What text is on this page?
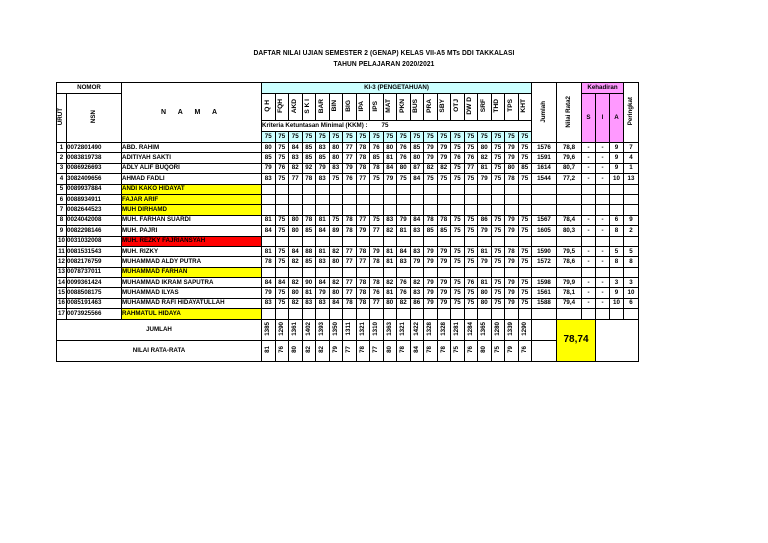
DAFTAR NILAI UJIAN SEMESTER 2 (GENAP) KELAS VII-A5 MTs DDI TAKKALASI
TAHUN PELAJARAN 2020/2021
NOMOR		N A M A	KI-3 (PENGETAHUAN)																				Jumlah	Nilai Rata2	Kehadiran			Peringkat
URUT	NSN		Q H	FQH	AKD	S K I	BAR	BIN	BIG	IPA	IPS	MAT	PKN	BUS	PRA	SBY	OTJ	DW D	SRF	THD	TPS	KHT			S	I	A	
			Kriteria Ketuntasan Minimal (KKM) : 75																									
			75	75	75	75	75	75	75	75	75	75	75	75	75	75	75	75	75	75	75	75						
1	0072801490	ABD. RAHIM	80	75	84	85	83	80	77	78	76	80	76	85	79	79	75	75	80	75	79	75	1576	78,8	-	-	9	7
2	0083819738	ADITIYAH SAKTI	85	75	83	85	85	80	77	78	85	81	76	80	79	79	76	76	82	75	79	75	1591	79,6	-	-	9	4
3	0086926693	ADLY ALIF BUQORI	79	76	82	92	79	83	79	78	78	84	80	87	82	82	75	77	81	75	80	85	1614	80,7	-	-	9	1
4	3082409656	AHMAD FADLI	83	75	77	78	83	75	76	77	75	79	75	84	75	75	75	75	79	75	78	75	1544	77,2	-	-	10	13
5	0089937884	ANDI KAKO HIDAYAT																										
6	0088934911	FAJAR ARIF																										
7	0082644523	MUH DIRHAMD																										
8	0024042008	MUH. FARHAN SUARDI	81	75	80	78	81	75	78	77	75	83	79	84	78	78	75	75	86	75	79	75	1567	78,4	-	-	6	9
9	0082298146	MUH. PAJRI	84	75	80	85	84	89	78	79	77	82	81	83	85	85	75	75	79	75	79	75	1605	80,3	-	-	8	2
10	0031032008	MUH. REZKY FAJRIANSYAH																										
11	0081531543	MUH. RIZKY	81	75	84	88	81	82	77	78	79	81	84	83	79	79	75	75	81	75	78	75	1590	79,5	-	-	5	5
12	0082176759	MUHAMMAD ALDY PUTRA	78	75	82	85	83	80	77	77	78	81	83	79	79	79	75	75	79	75	79	75	1572	78,6	-	-	8	8
13	0078737011	MUHAMMAD FARHAN																										
14	0099361424	MUHAMMAD IKRAM SAPUTRA	84	84	82	90	84	82	77	78	78	82	76	82	79	79	75	76	81	75	79	75	1598	79,9	-	-	3	3
15	0088508175	MUHAMMAD ILYAS	79	75	80	81	79	80	77	78	76	81	76	83	79	79	75	75	80	75	79	75	1561	78,1	-	-	9	10
16	0085191463	MUHAMMAD RAFI HIDAYATULLAH	83	75	82	83	83	84	78	78	77	80	82	86	79	79	75	75	80	75	79	75	1588	79,4	-	-	10	6
17	0073925566	RAHMATUL HIDAYA																										
JUMLAH			1385	1290	1361	1402	1393	1350	1311	1321	1310	1363	1321	1422	1328	1328	1281	1284	1365	1280	1339	1290		78,74				
NILAI RATA-RATA			81	76	80	82	82	79	77	78	77	80	78	84	78	78	75	76	80	75	79	76						
